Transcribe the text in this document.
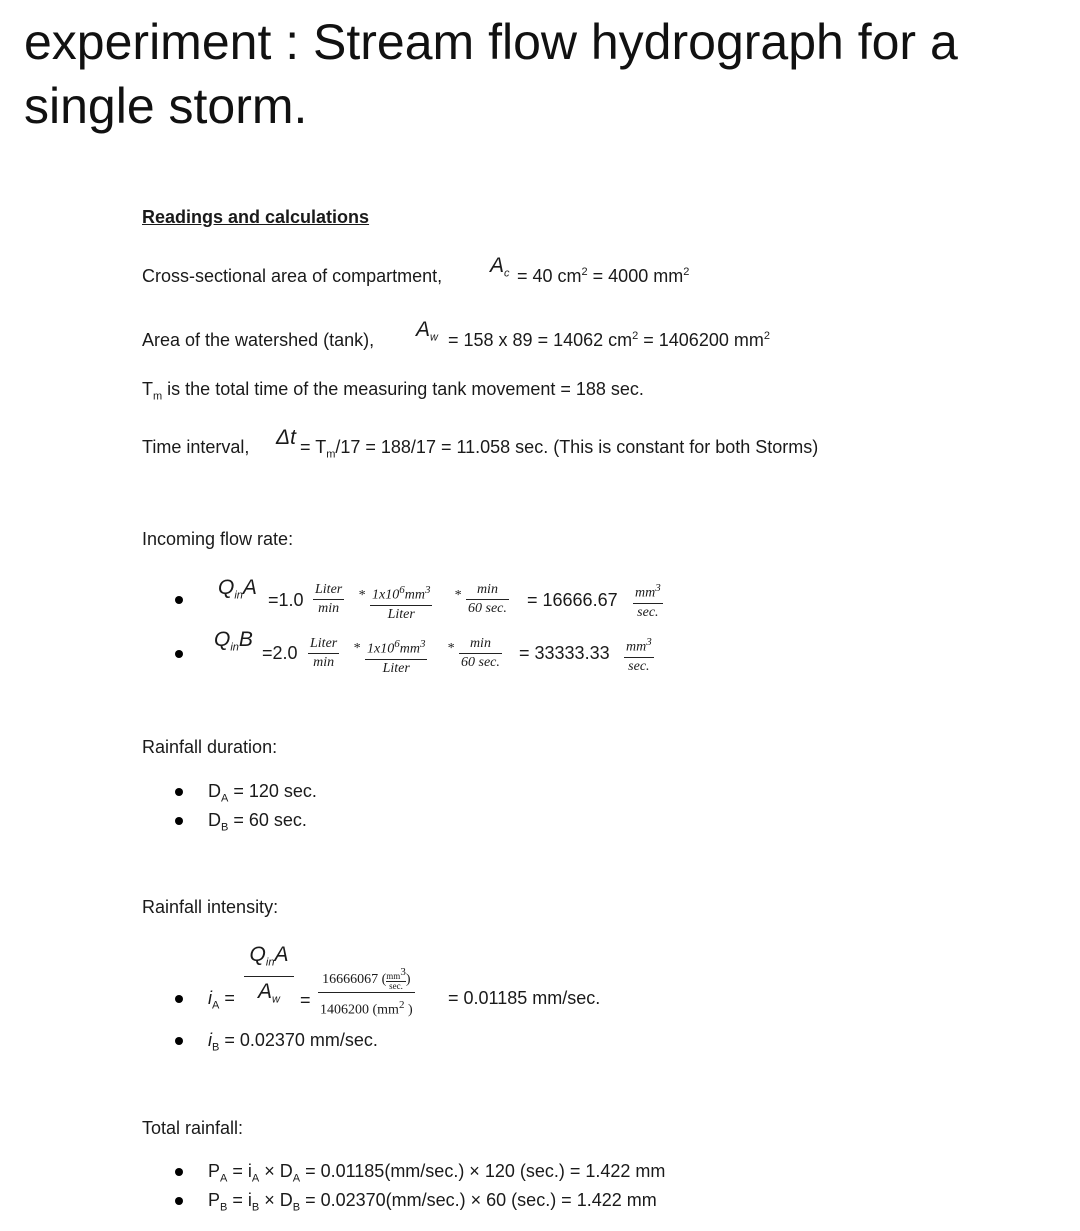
experiment : Stream flow hydrograph for a single storm.
Readings and calculations
Cross-sectional area of compartment, $A_c = 40$ $cm^2 = 4000$ $mm^2$
Area of the watershed (tank), $A_w = 158$ x 89 = 14062 $cm^2 = 1406200$ $mm^2$
$T_m$ is the total time of the measuring tank movement = 188 sec.
Time interval, $\Delta t = T_m/17 = 188/17 = 11.058$ sec. (This is constant for both Storms)
Incoming flow rate:
$Q_{in}A$
=1.0
Liter
min
* $1x10^6mm^3$
Liter
*	min
60 sec. = 16666.67 $mm^3$
sec.
$Q_{in}B$
=2.0 Liter
min
* $1x10^6mm^3$
Liter
*	min
60 sec. = 33333.33 $mm^3$
sec.
Rainfall duration:
$D_A = 120$ sec.
$D_B = 60$ sec.
Rainfall intensity:
$i_A$ =
$Q_{in}A$
$A_w$	=
16666067 ( $mm^3$
sec. )
1406200 ($mm^2$ )
= 0.01185 mm/sec.
$i_B = 0.02370$ mm/sec.
Total rainfall:
$P_A = i_A \times D_A = 0.01185(mm/\sec.) \times 120$ (sec.) = 1.422 mm
$P_B = i_B \times D_B = 0.02370(mm/\sec.) \times 60$ (sec.) = 1.422 mm
